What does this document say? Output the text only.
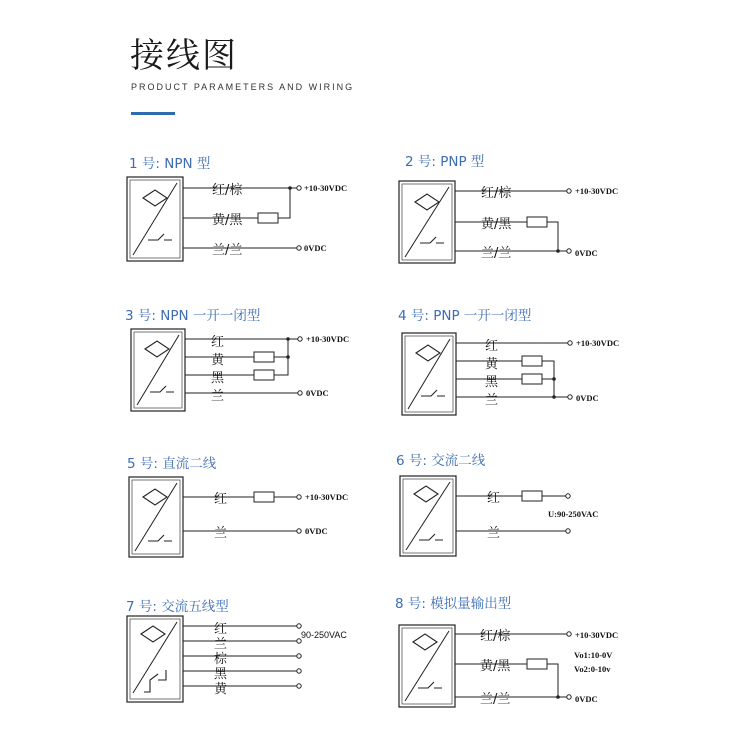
接线图
PRODUCT PARAMETERS AND WIRING
1 号: NPN 型
红/棕
黄/黑
兰/兰
+10-30VDC
0VDC
2 号: PNP 型
红/棕
黄/黑
兰/兰
+10-30VDC
0VDC
3 号: NPN 一开一闭型
红
黄
黑
兰
+10-30VDC
0VDC
4 号: PNP 一开一闭型
红
黄
黑
兰
+10-30VDC
0VDC
5 号: 直流二线
红
兰
+10-30VDC
0VDC
6 号: 交流二线
红
兰
U:90-250VAC
7 号: 交流五线型
红
兰
棕
黑
黄
90-250VAC
8 号: 模拟量输出型
红/棕
黄/黑
兰/兰
+10-30VDC
Vo1:10-0V
Vo2:0-10v
0VDC
